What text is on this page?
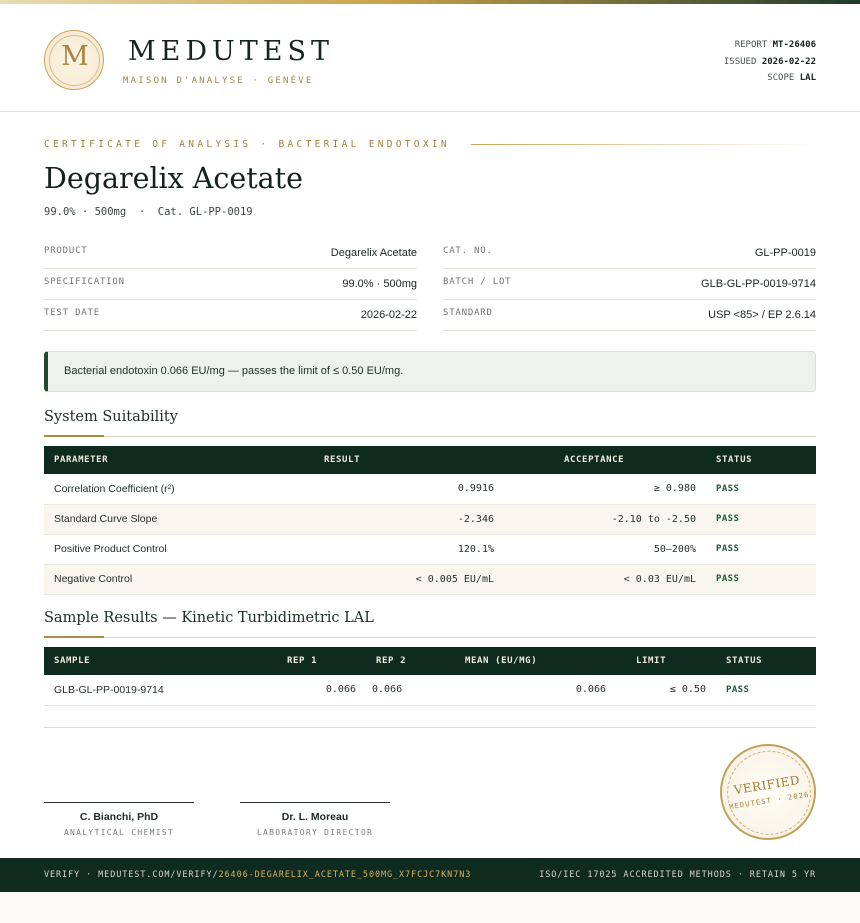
M	MEDUTEST
MAISON D'ANALYSE · GENÈVE
REPORT MT-26406
ISSUED 2026-02-22
SCOPE LAL
CERTIFICATE OF ANALYSIS · BACTERIAL ENDOTOXIN
Degarelix Acetate
99.0% · 500mg  ·  Cat. GL-PP-0019
PRODUCT	Degarelix Acetate
SPECIFICATION	99.0% · 500mg
TEST DATE	2026-02-22
CAT. NO.	GL-PP-0019
BATCH / LOT	GLB-GL-PP-0019-9714
STANDARD	USP <85> / EP 2.6.14
Bacterial endotoxin 0.066 EU/mg — passes the limit of ≤ 0.50 EU/mg.
System Suitability
PARAMETER	RESULT	ACCEPTANCE	STATUS
Correlation Coefficient (r²)	0.9916	≥ 0.980	PASS
Standard Curve Slope	-2.346	-2.10 to -2.50	PASS
Positive Product Control	120.1%	50–200%	PASS
Negative Control	< 0.005 EU/mL	< 0.03 EU/mL	PASS
Sample Results — Kinetic Turbidimetric LAL
SAMPLE	REP 1	REP 2	MEAN (EU/MG)	LIMIT	STATUS
GLB-GL-PP-0019-9714	0.066	0.066	0.066	≤ 0.50	PASS
C. Bianchi, PhD
ANALYTICAL CHEMIST
Dr. L. Moreau
LABORATORY DIRECTOR
VERIFIED
MEDUTEST · 2026
VERIFY · MEDUTEST.COM/VERIFY/26406-DEGARELIX_ACETATE_500MG_X7FCJC7KN7N3	ISO/IEC 17025 ACCREDITED METHODS · RETAIN 5 YR
